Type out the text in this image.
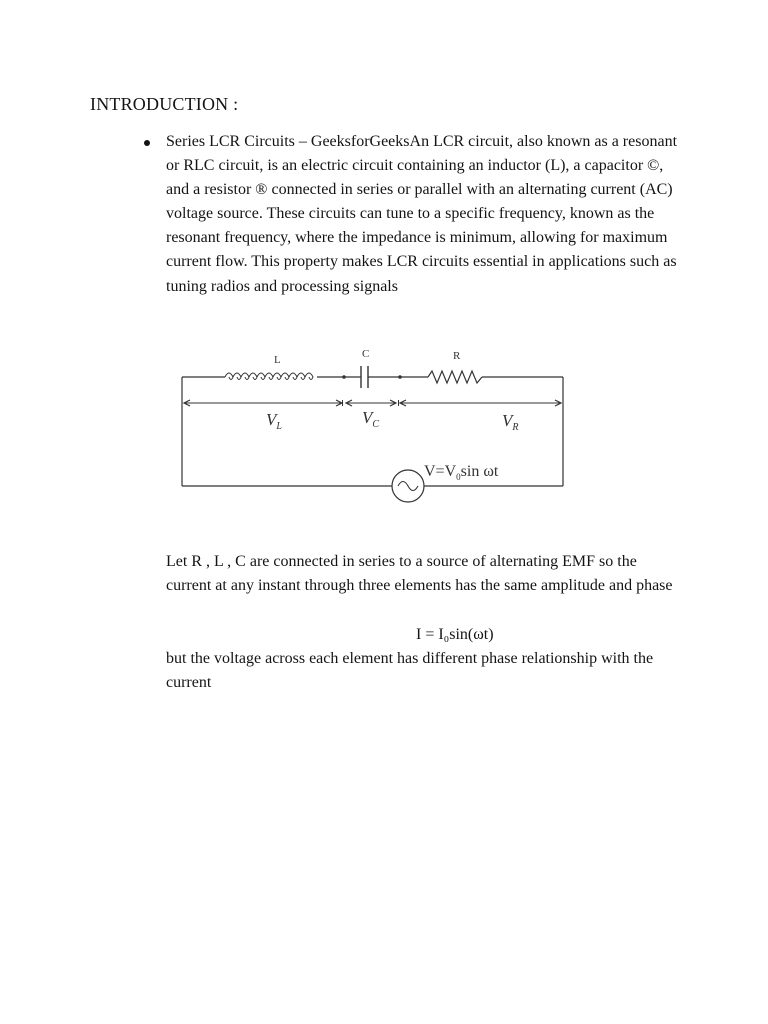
INTRODUCTION :
Series LCR Circuits – GeeksforGeeksAn LCR circuit, also known as a resonant or RLC circuit, is an electric circuit containing an inductor (L), a capacitor ©, and a resistor ® connected in series or parallel with an alternating current (AC) voltage source. These circuits can tune to a specific frequency, known as the resonant frequency, where the impedance is minimum, allowing for maximum current flow. This property makes LCR circuits essential in applications such as tuning radios and processing signals
L	C	R
$V_L$	$V_C$	$V_R$
$V=V_0\sin$ ωt

Let R , L , C are connected in series to a source of alternating EMF so the current at any instant through three elements has the same amplitude and phase

I = I₀sin(ωt)

but the voltage across each element has different phase relationship with the current
